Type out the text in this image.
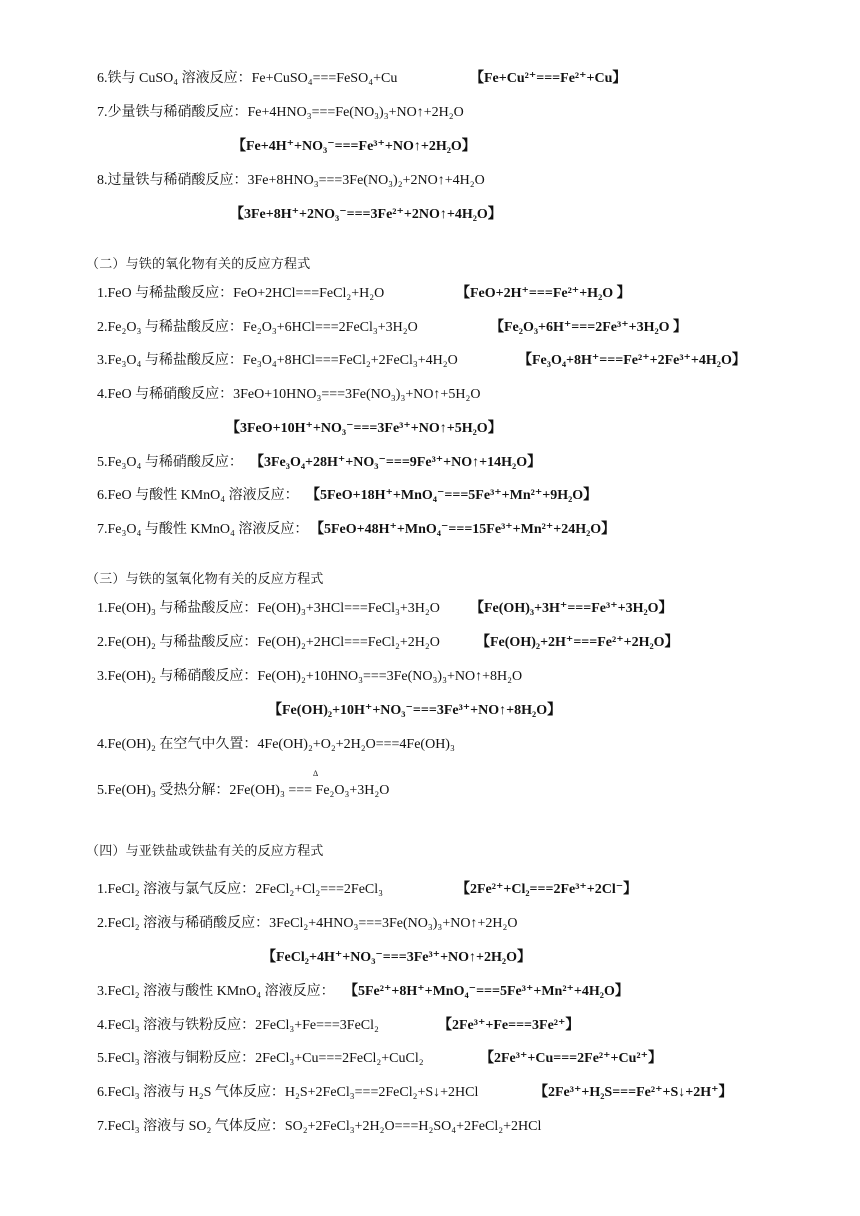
6.铁与 CuSO₄ 溶液反应：Fe+CuSO₄===FeSO₄+Cu	【Fe+Cu²⁺===Fe²⁺+Cu】
7.少量铁与稀硝酸反应：Fe+4HNO₃===Fe(NO₃)₃+NO↑+2H₂O
【Fe+4H⁺+NO₃⁻===Fe³⁺+NO↑+2H₂O】
8.过量铁与稀硝酸反应：3Fe+8HNO₃===3Fe(NO₃)₂+2NO↑+4H₂O
【3Fe+8H⁺+2NO₃⁻===3Fe²⁺+2NO↑+4H₂O】
（二）与铁的氧化物有关的反应方程式
1.FeO 与稀盐酸反应：FeO+2HCl===FeCl₂+H₂O	【FeO+2H⁺===Fe²⁺+H₂O 】
2.Fe₂O₃ 与稀盐酸反应：Fe₂O₃+6HCl===2FeCl₃+3H₂O	【Fe₂O₃+6H⁺===2Fe³⁺+3H₂O 】
3.Fe₃O₄ 与稀盐酸反应：Fe₃O₄+8HCl===FeCl₂+2FeCl₃+4H₂O	【Fe₃O₄+8H⁺===Fe²⁺+2Fe³⁺+4H₂O】
4.FeO 与稀硝酸反应：3FeO+10HNO₃===3Fe(NO₃)₃+NO↑+5H₂O
【3FeO+10H⁺+NO₃⁻===3Fe³⁺+NO↑+5H₂O】
5.Fe₃O₄ 与稀硝酸反应： 【3Fe₃O₄+28H⁺+NO₃⁻===9Fe³⁺+NO↑+14H₂O】
6.FeO 与酸性 KMnO₄ 溶液反应： 【5FeO+18H⁺+MnO₄⁻===5Fe³⁺+Mn²⁺+9H₂O】
7.Fe₃O₄ 与酸性 KMnO₄ 溶液反应： 【5FeO+48H⁺+MnO₄⁻===15Fe³⁺+Mn²⁺+24H₂O】
（三）与铁的氢氧化物有关的反应方程式
1.Fe(OH)₃ 与稀盐酸反应：Fe(OH)₃+3HCl===FeCl₃+3H₂O 【Fe(OH)₃+3H⁺===Fe³⁺+3H₂O】
2.Fe(OH)₂ 与稀盐酸反应：Fe(OH)₂+2HCl===FeCl₂+2H₂O	【Fe(OH)₂+2H⁺===Fe²⁺+2H₂O】
3.Fe(OH)₂ 与稀硝酸反应：Fe(OH)₂+10HNO₃===3Fe(NO₃)₃+NO↑+8H₂O
【Fe(OH)₂+10H⁺+NO₃⁻===3Fe³⁺+NO↑+8H₂O】
4.Fe(OH)₂ 在空气中久置：4Fe(OH)₂+O₂+2H₂O===4Fe(OH)₃
Δ
5.Fe(OH)₃ 受热分解：2Fe(OH)₃ === Fe₂O₃+3H₂O
（四）与亚铁盐或铁盐有关的反应方程式
1.FeCl₂ 溶液与氯气反应：2FeCl₂+Cl₂===2FeCl₃	【2Fe²⁺+Cl₂===2Fe³⁺+2Cl⁻】
2.FeCl₂ 溶液与稀硝酸反应：3FeCl₂+4HNO₃===3Fe(NO₃)₃+NO↑+2H₂O
【FeCl₂+4H⁺+NO₃⁻===3Fe³⁺+NO↑+2H₂O】
3.FeCl₂ 溶液与酸性 KMnO₄ 溶液反应： 【5Fe²⁺+8H⁺+MnO₄⁻===5Fe³⁺+Mn²⁺+4H₂O】
4.FeCl₃ 溶液与铁粉反应：2FeCl₃+Fe===3FeCl₂	【2Fe³⁺+Fe===3Fe²⁺】
5.FeCl₃ 溶液与铜粉反应：2FeCl₃+Cu===2FeCl₂+CuCl₂	【2Fe³⁺+Cu===2Fe²⁺+Cu²⁺】
6.FeCl₃ 溶液与 H₂S 气体反应：H₂S+2FeCl₃===2FeCl₂+S↓+2HCl	【2Fe³⁺+H₂S===Fe²⁺+S↓+2H⁺】
7.FeCl₃ 溶液与 SO₂ 气体反应：SO₂+2FeCl₃+2H₂O===H₂SO₄+2FeCl₂+2HCl
